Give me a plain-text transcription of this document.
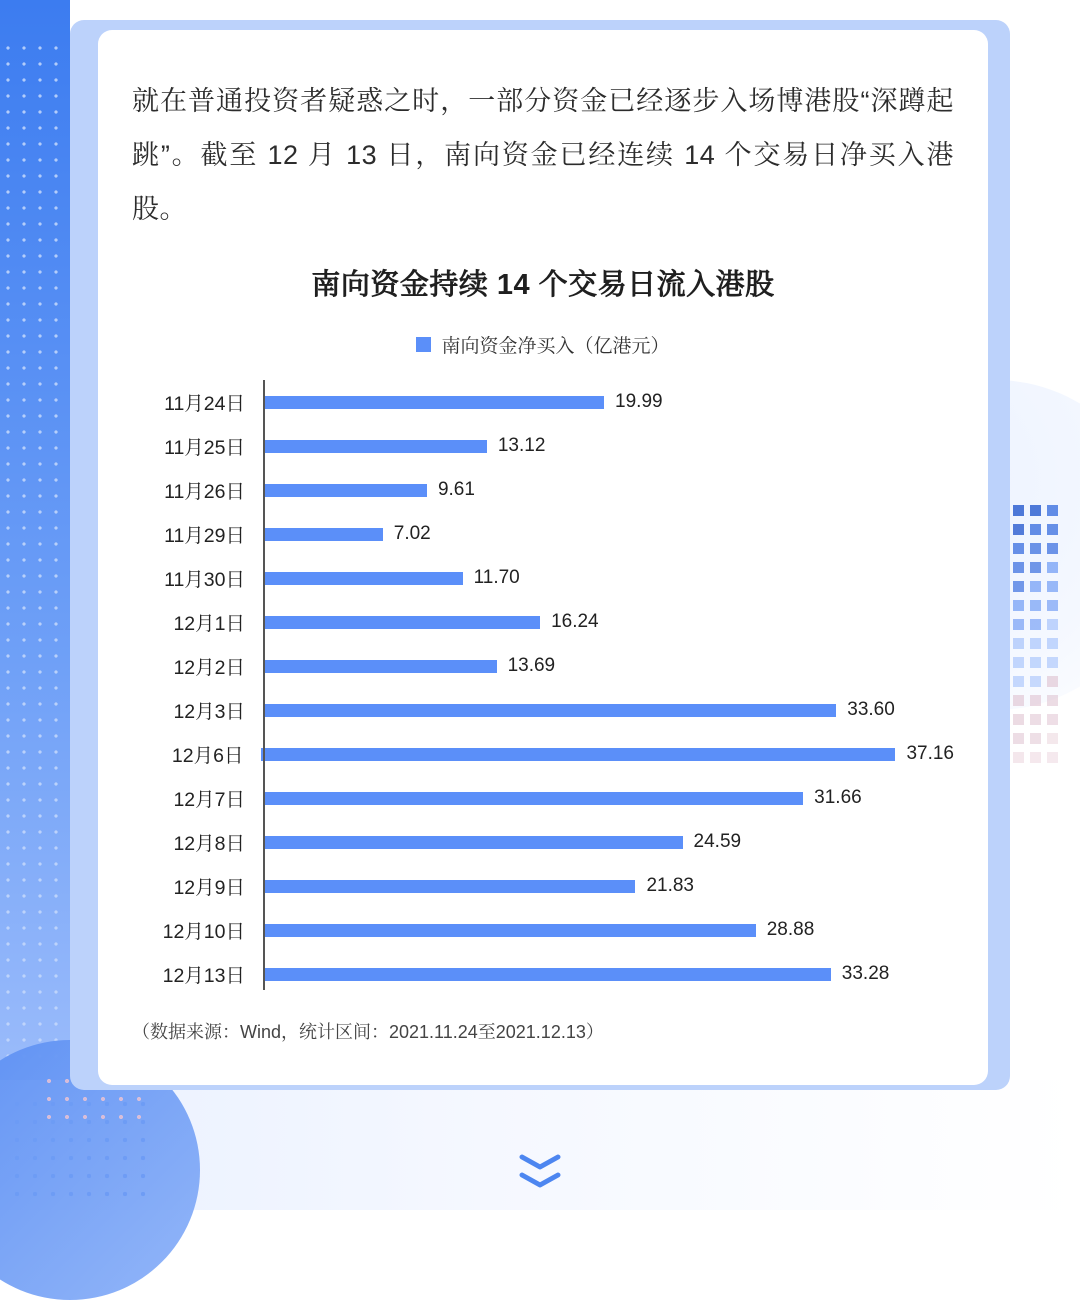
就在普通投资者疑惑之时，一部分资金已经逐步入场博港股“深蹲起跳”。截至 12 月 13 日，南向资金已经连续 14 个交易日净买入港股。

南向资金持续 14 个交易日流入港股
南向资金净买入（亿港元）
11月24日	19.99
11月25日	13.12
11月26日	9.61
11月29日	7.02
11月30日	11.70
12月1日	16.24
12月2日	13.69
12月3日	33.60
12月6日	37.16
12月7日	31.66
12月8日	24.59
12月9日	21.83
12月10日	28.88
12月13日	33.28
（数据来源：Wind，统计区间：2021.11.24至2021.12.13）
